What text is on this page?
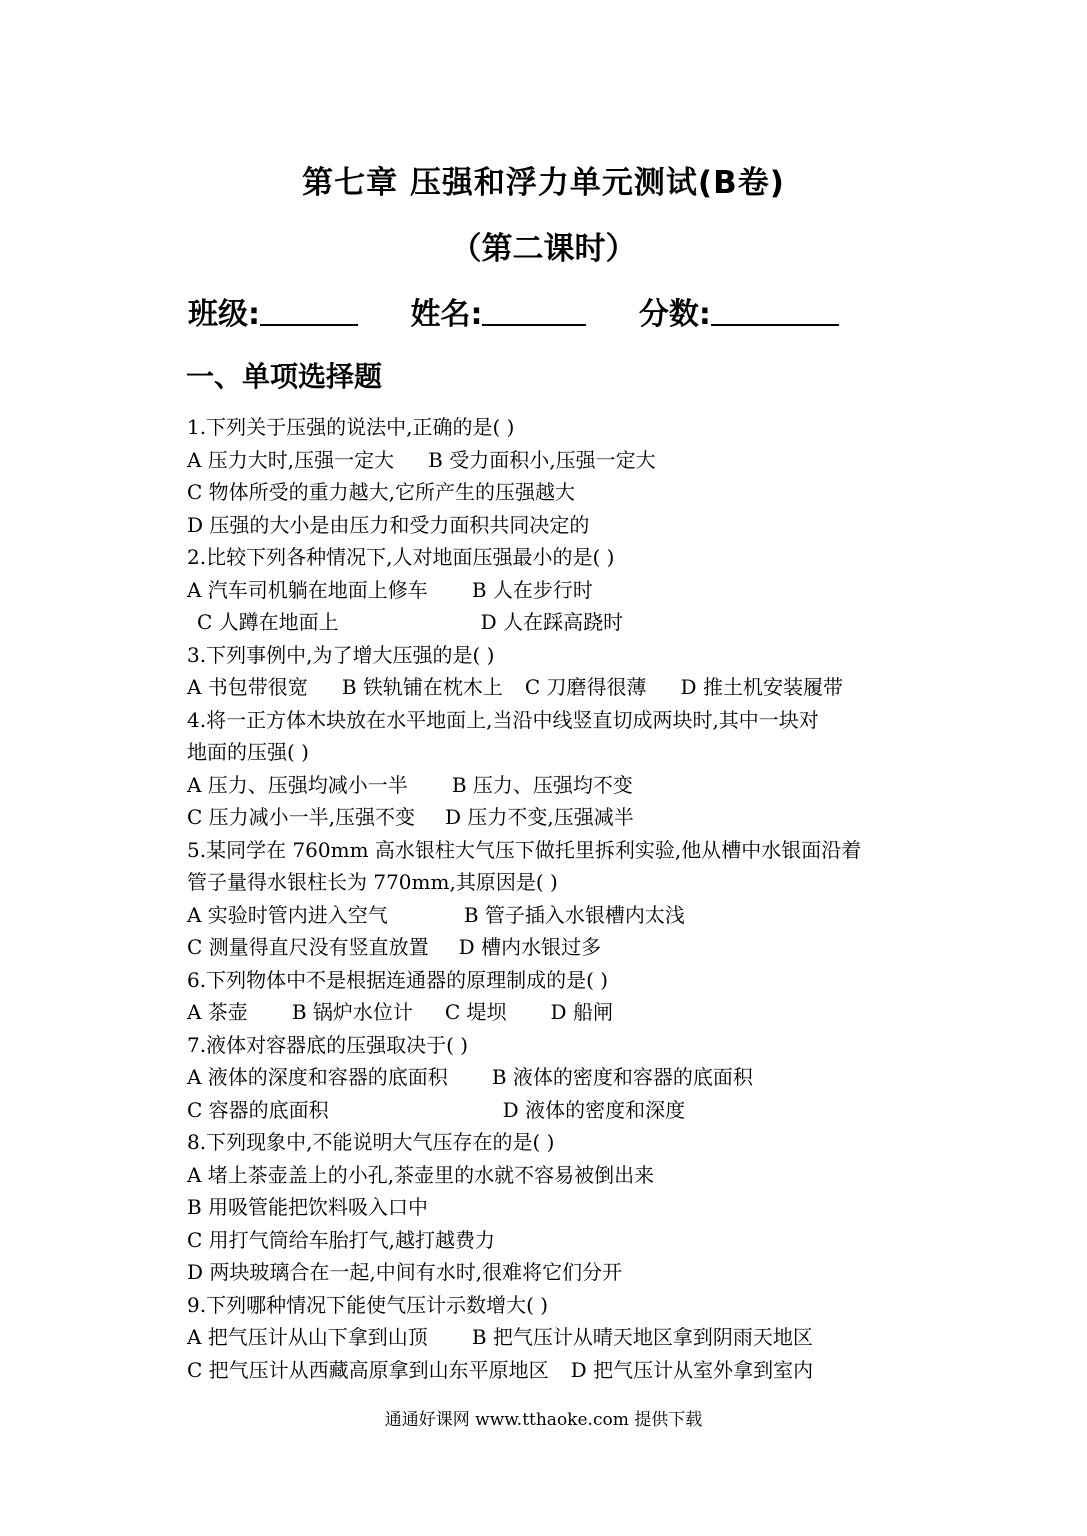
第七章 压强和浮力单元测试(B卷)
（第二课时）
班级:	姓名:	分数:
一、单项选择题
1.下列关于压强的说法中,正确的是( )
A 压力大时,压强一定大 B 受力面积小,压强一定大
C 物体所受的重力越大,它所产生的压强越大
D 压强的大小是由压力和受力面积共同决定的
2.比较下列各种情况下,人对地面压强最小的是( )
A 汽车司机躺在地面上修车 B 人在步行时
C 人蹲在地面上	D 人在踩高跷时
3.下列事例中,为了增大压强的是( )
A 书包带很宽 B 铁轨铺在枕木上 C 刀磨得很薄 D 推土机安装履带
4.将一正方体木块放在水平地面上,当沿中线竖直切成两块时,其中一块对
地面的压强( )
A 压力、压强均减小一半 B 压力、压强均不变
C 压力减小一半,压强不变 D 压力不变,压强减半
5.某同学在 760mm 高水银柱大气压下做托里拆利实验,他从槽中水银面沿着
管子量得水银柱长为 770mm,其原因是( )
A 实验时管内进入空气	B 管子插入水银槽内太浅
C 测量得直尺没有竖直放置 D 槽内水银过多
6.下列物体中不是根据连通器的原理制成的是( )
A 茶壶 B 锅炉水位计 C 堤坝 D 船闸
7.液体对容器底的压强取决于( )
A 液体的深度和容器的底面积 B 液体的密度和容器的底面积
C 容器的底面积	D 液体的密度和深度
8.下列现象中,不能说明大气压存在的是( )
A 堵上茶壶盖上的小孔,茶壶里的水就不容易被倒出来
B 用吸管能把饮料吸入口中
C 用打气筒给车胎打气,越打越费力
D 两块玻璃合在一起,中间有水时,很难将它们分开
9.下列哪种情况下能使气压计示数增大( )
A 把气压计从山下拿到山顶 B 把气压计从晴天地区拿到阴雨天地区
C 把气压计从西藏高原拿到山东平原地区 D 把气压计从室外拿到室内
通通好课网 www.tthaoke.com 提供下载
